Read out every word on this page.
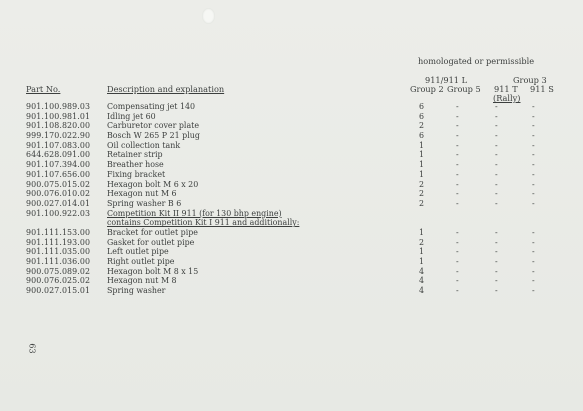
homologated or permissible
911/911 L	Group 3
Group 2 Group 5 911 T 911 S
(Rally)
Part No.	Description and explanation
901.100.989.03 Compensating jet 140	6	-	-	-
901.100.981.01 Idling jet 60	6	-	-	-
901.108.820.00 Carburetor cover plate	2	-	-	-
999.170.022.90 Bosch W 265 P 21 plug	6	-	-	-
901.107.083.00 Oil collection tank	1	-	-	-
644.628.091.00 Retainer strip	1	-	-	-
901.107.394.00 Breather hose	1	-	-	-
901.107.656.00 Fixing bracket	1	-	-	-
900.075.015.02 Hexagon bolt M 6 x 20	2	-	-	-
900.076.010.02 Hexagon nut M 6	2	-	-	-
900.027.014.01 Spring washer B 6	2	-	-	-
901.100.922.03 Competition Kit II 911 (for 130 bhp engine)
contains Competition Kit I 911 and additionally:
901.111.153.00 Bracket for outlet pipe	1	-	-	-
901.111.193.00 Gasket for outlet pipe	2	-	-	-
901.111.035.00 Left outlet pipe	1	-	-	-
901.111.036.00 Right outlet pipe	1	-	-	-
900.075.089.02 Hexagon bolt M 8 x 15	4	-	-	-
900.076.025.02 Hexagon nut M 8	4	-	-	-
900.027.015.01 Spring washer	4	-	-	-
63
